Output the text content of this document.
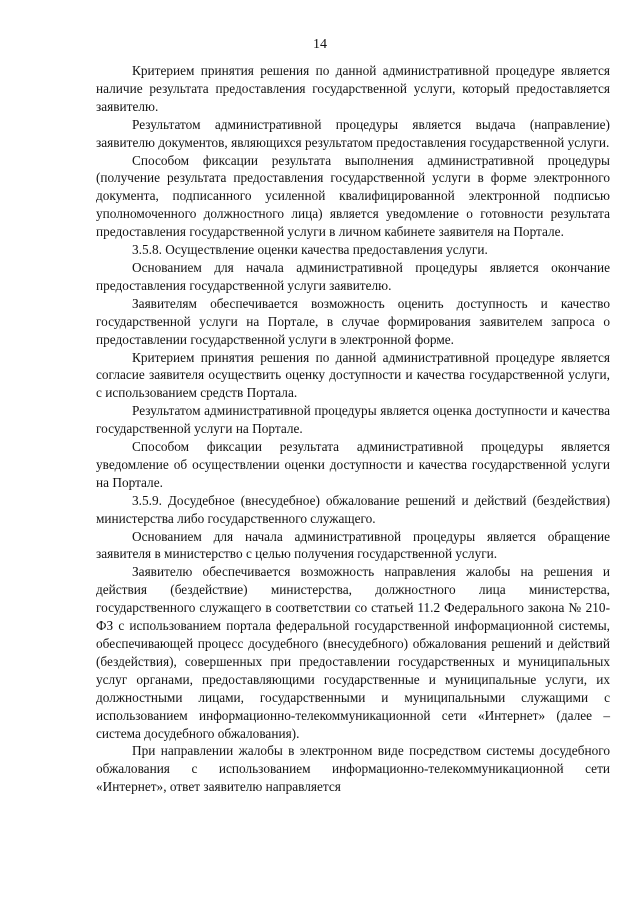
14

Критерием принятия решения по данной административной процедуре является наличие результата предоставления государственной услуги, который предоставляется заявителю.

Результатом административной процедуры является выдача (направление) заявителю документов, являющихся результатом предоставления государственной услуги.

Способом фиксации результата выполнения административной процедуры (получение результата предоставления государственной услуги в форме электронного документа, подписанного усиленной квалифицированной электронной подписью уполномоченного должностного лица) является уведомление о готовности результата предоставления государственной услуги в личном кабинете заявителя на Портале.

3.5.8. Осуществление оценки качества предоставления услуги.

Основанием для начала административной процедуры является окончание предоставления государственной услуги заявителю.

Заявителям обеспечивается возможность оценить доступность и качество государственной услуги на Портале, в случае формирования заявителем запроса о предоставлении государственной услуги в электронной форме.

Критерием принятия решения по данной административной процедуре является согласие заявителя осуществить оценку доступности и качества государственной услуги, с использованием средств Портала.

Результатом административной процедуры является оценка доступности и качества государственной услуги на Портале.

Способом фиксации результата административной процедуры является уведомление об осуществлении оценки доступности и качества государственной услуги на Портале.

3.5.9. Досудебное (внесудебное) обжалование решений и действий (бездействия) министерства либо государственного служащего.

Основанием для начала административной процедуры является обращение заявителя в министерство с целью получения государственной услуги.

Заявителю обеспечивается возможность направления жалобы на решения и действия (бездействие) министерства, должностного лица министерства, государственного служащего в соответствии со статьей 11.2 Федерального закона № 210-ФЗ с использованием портала федеральной государственной информационной системы, обеспечивающей процесс досудебного (внесудебного) обжалования решений и действий (бездействия), совершенных при предоставлении государственных и муниципальных услуг органами, предоставляющими государственные и муниципальные услуги, их должностными лицами, государственными и муниципальными служащими с использованием информационно-телекоммуникационной сети «Интернет» (далее – система досудебного обжалования).

При направлении жалобы в электронном виде посредством системы досудебного обжалования с использованием информационно-телекоммуникационной сети «Интернет», ответ заявителю направляется
